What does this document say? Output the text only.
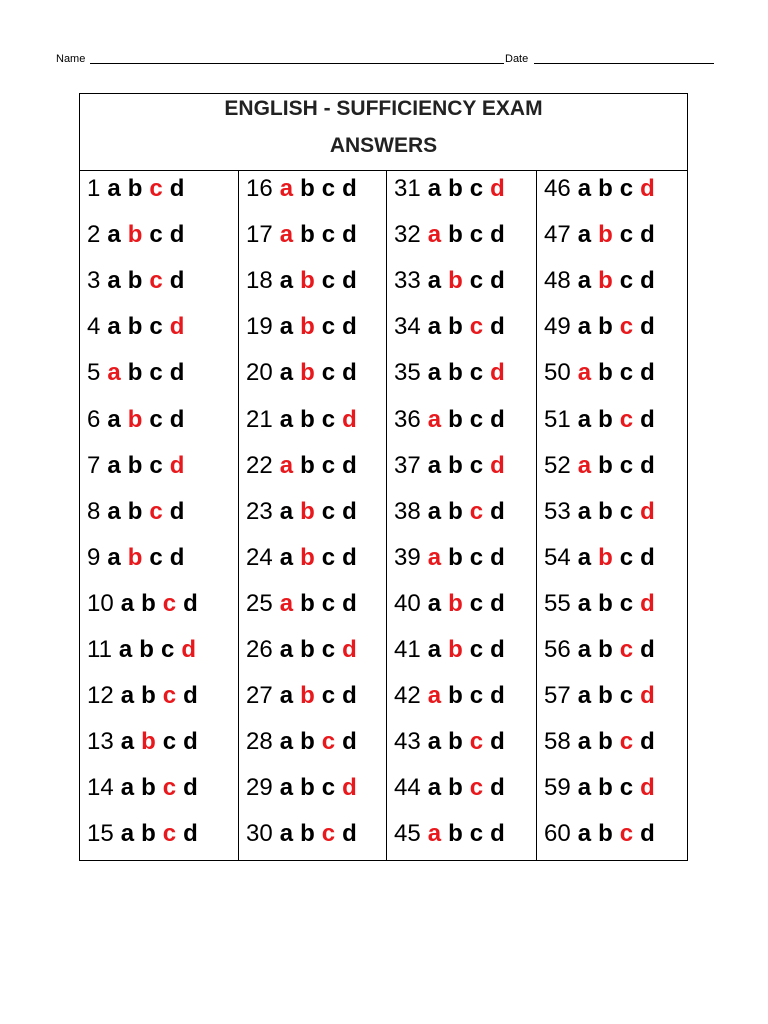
Name	Date
ENGLISH - SUFFICIENCY EXAM
ANSWERS
1 a b c d
2 a b c d
3 a b c d
4 a b c d
5 a b c d
6 a b c d
7 a b c d
8 a b c d
9 a b c d
10 a b c d
11 a b c d
12 a b c d
13 a b c d
14 a b c d
15 a b c d
16 a b c d
17 a b c d
18 a b c d
19 a b c d
20 a b c d
21 a b c d
22 a b c d
23 a b c d
24 a b c d
25 a b c d
26 a b c d
27 a b c d
28 a b c d
29 a b c d
30 a b c d
31 a b c d
32 a b c d
33 a b c d
34 a b c d
35 a b c d
36 a b c d
37 a b c d
38 a b c d
39 a b c d
40 a b c d
41 a b c d
42 a b c d
43 a b c d
44 a b c d
45 a b c d
46 a b c d
47 a b c d
48 a b c d
49 a b c d
50 a b c d
51 a b c d
52 a b c d
53 a b c d
54 a b c d
55 a b c d
56 a b c d
57 a b c d
58 a b c d
59 a b c d
60 a b c d
